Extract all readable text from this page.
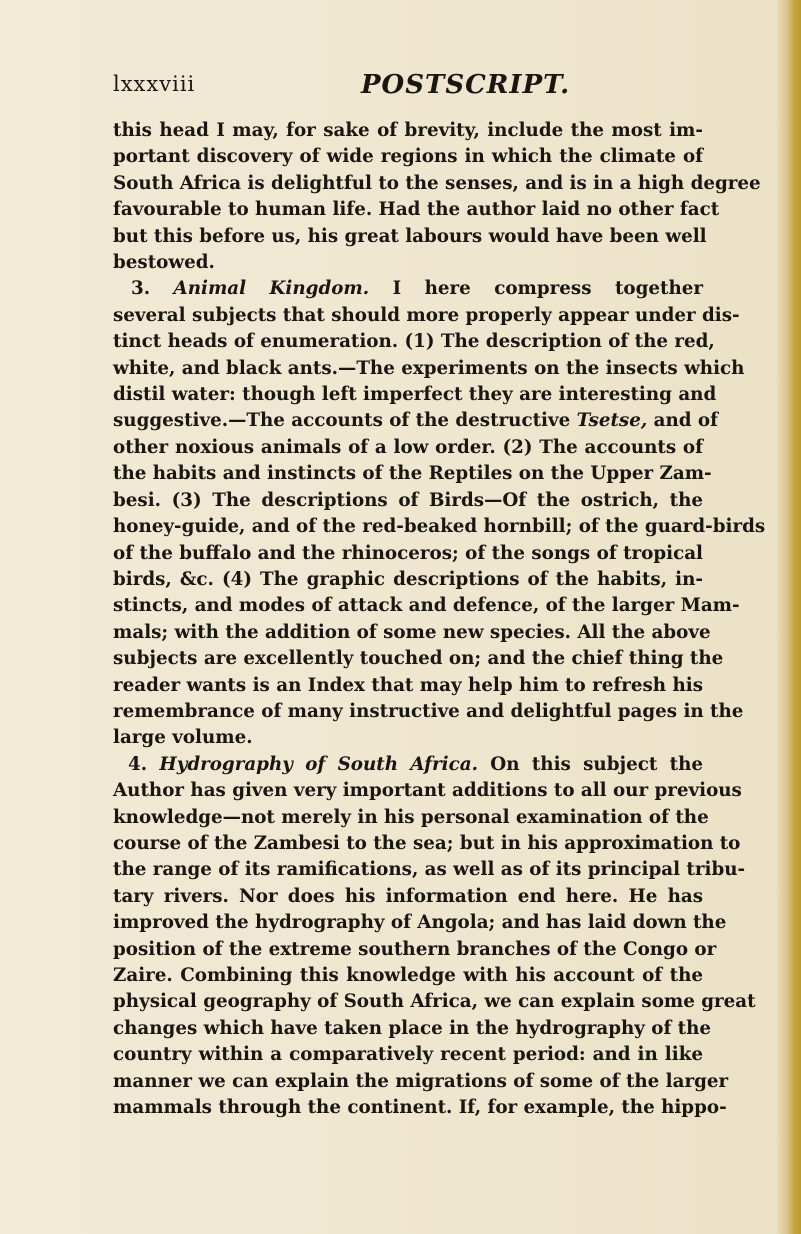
lxxxviii	POSTSCRIPT.
this head I may, for sake of brevity, include the most im-
portant discovery of wide regions in which the climate of
South Africa is delightful to the senses, and is in a high degree
favourable to human life. Had the author laid no other fact
but this before us, his great labours would have been well
bestowed.
3. Animal Kingdom. I here compress together
several subjects that should more properly appear under dis-
tinct heads of enumeration. (1) The description of the red,
white, and black ants.—The experiments on the insects which
distil water: though left imperfect they are interesting and
suggestive.—The accounts of the destructive Tsetse, and of
other noxious animals of a low order. (2) The accounts of
the habits and instincts of the Reptiles on the Upper Zam-
besi. (3) The descriptions of Birds—Of the ostrich, the
honey-guide, and of the red-beaked hornbill; of the guard-birds
of the buffalo and the rhinoceros; of the songs of tropical
birds, &c. (4) The graphic descriptions of the habits, in-
stincts, and modes of attack and defence, of the larger Mam-
mals; with the addition of some new species. All the above
subjects are excellently touched on; and the chief thing the
reader wants is an Index that may help him to refresh his
remembrance of many instructive and delightful pages in the
large volume.
4. Hydrography of South Africa. On this subject the
Author has given very important additions to all our previous
knowledge—not merely in his personal examination of the
course of the Zambesi to the sea; but in his approximation to
the range of its ramifications, as well as of its principal tribu-
tary rivers. Nor does his information end here. He has
improved the hydrography of Angola; and has laid down the
position of the extreme southern branches of the Congo or
Zaire. Combining this knowledge with his account of the
physical geography of South Africa, we can explain some great
changes which have taken place in the hydrography of the
country within a comparatively recent period: and in like
manner we can explain the migrations of some of the larger
mammals through the continent. If, for example, the hippo-
